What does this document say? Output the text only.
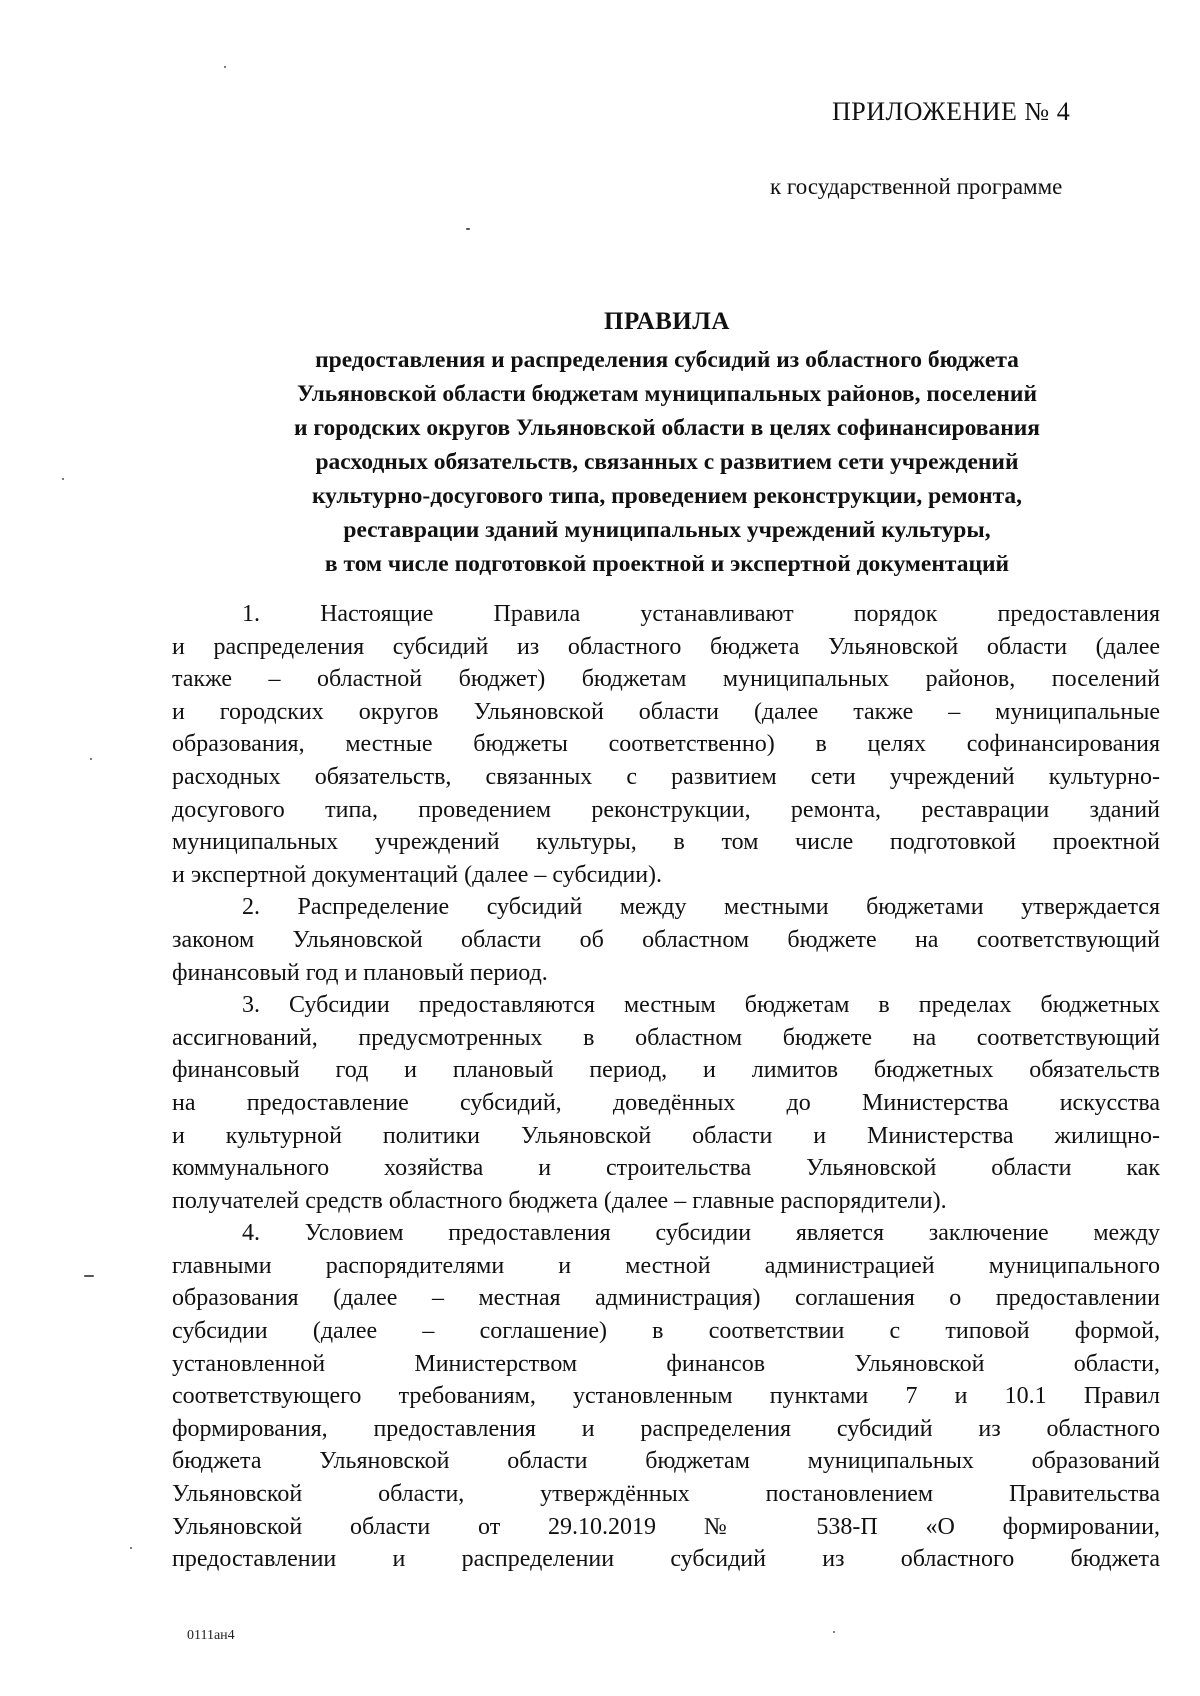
ПРИЛОЖЕНИЕ № 4
к государственной программе
ПРАВИЛА
предоставления и распределения субсидий из областного бюджета
Ульяновской области бюджетам муниципальных районов, поселений
и городских округов Ульяновской области в целях софинансирования
расходных обязательств, связанных с развитием сети учреждений
культурно-досугового типа, проведением реконструкции, ремонта,
реставрации зданий муниципальных учреждений культуры,
в том числе подготовкой проектной и экспертной документаций
1. Настоящие Правила устанавливают порядок предоставления
и распределения субсидий из областного бюджета Ульяновской области (далее
также – областной бюджет) бюджетам муниципальных районов, поселений
и городских округов Ульяновской области (далее также – муниципальные
образования, местные бюджеты соответственно) в целях софинансирования
расходных обязательств, связанных с развитием сети учреждений культурно-
досугового типа, проведением реконструкции, ремонта, реставрации зданий
муниципальных учреждений культуры, в том числе подготовкой проектной
и экспертной документаций (далее – субсидии).
2. Распределение субсидий между местными бюджетами утверждается
законом Ульяновской области об областном бюджете на соответствующий
финансовый год и плановый период.
3. Субсидии предоставляются местным бюджетам в пределах бюджетных
ассигнований, предусмотренных в областном бюджете на соответствующий
финансовый год и плановый период, и лимитов бюджетных обязательств
на предоставление субсидий, доведённых до Министерства искусства
и культурной политики Ульяновской области и Министерства жилищно-
коммунального хозяйства и строительства Ульяновской области как
получателей средств областного бюджета (далее – главные распорядители).
4. Условием предоставления субсидии является заключение между
главными распорядителями и местной администрацией муниципального
образования (далее – местная администрация) соглашения о предоставлении
субсидии (далее – соглашение) в соответствии с типовой формой,
установленной Министерством финансов Ульяновской области,
соответствующего требованиям, установленным пунктами 7 и 10.1 Правил
формирования, предоставления и распределения субсидий из областного
бюджета Ульяновской области бюджетам муниципальных образований
Ульяновской области, утверждённых постановлением Правительства
Ульяновской области от 29.10.2019 № 538-П «О формировании,
предоставлении и распределении субсидий из областного бюджета
0111ан4
